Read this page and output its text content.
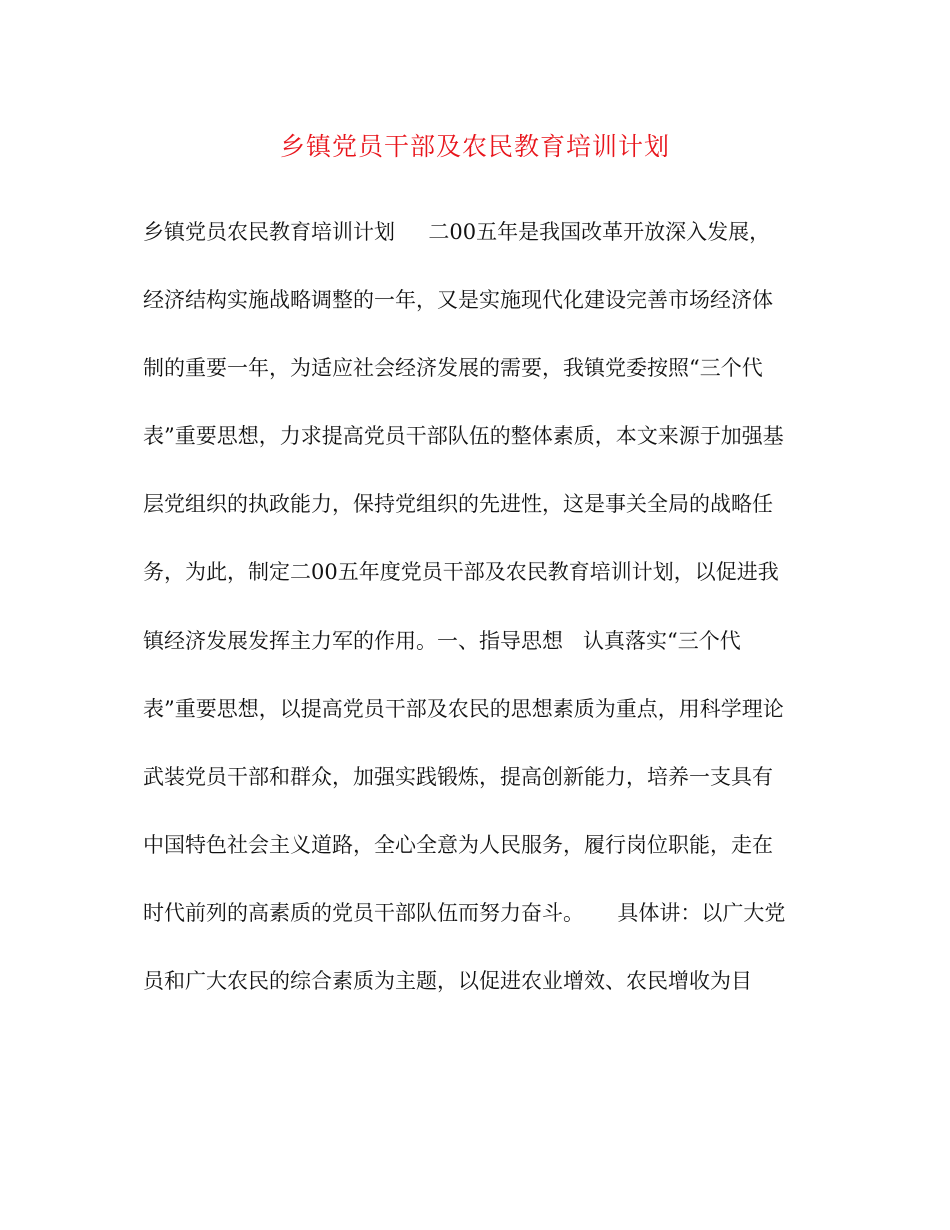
乡镇党员干部及农民教育培训计划
乡镇党员农民教育培训计划     二00五年是我国改革开放深入发展，
经济结构实施战略调整的一年，又是实施现代化建设完善市场经济体
制的重要一年，为适应社会经济发展的需要，我镇党委按照“三个代
表”重要思想，力求提高党员干部队伍的整体素质，本文来源于加强基
层党组织的执政能力，保持党组织的先进性，这是事关全局的战略任
务，为此，制定二00五年度党员干部及农民教育培训计划，以促进我
镇经济发展发挥主力军的作用。一、指导思想   认真落实“三个代
表”重要思想，以提高党员干部及农民的思想素质为重点，用科学理论
武装党员干部和群众，加强实践锻炼，提高创新能力，培养一支具有
中国特色社会主义道路，全心全意为人民服务，履行岗位职能，走在
时代前列的高素质的党员干部队伍而努力奋斗。     具体讲：以广大党
员和广大农民的综合素质为主题，以促进农业增效、农民增收为目
